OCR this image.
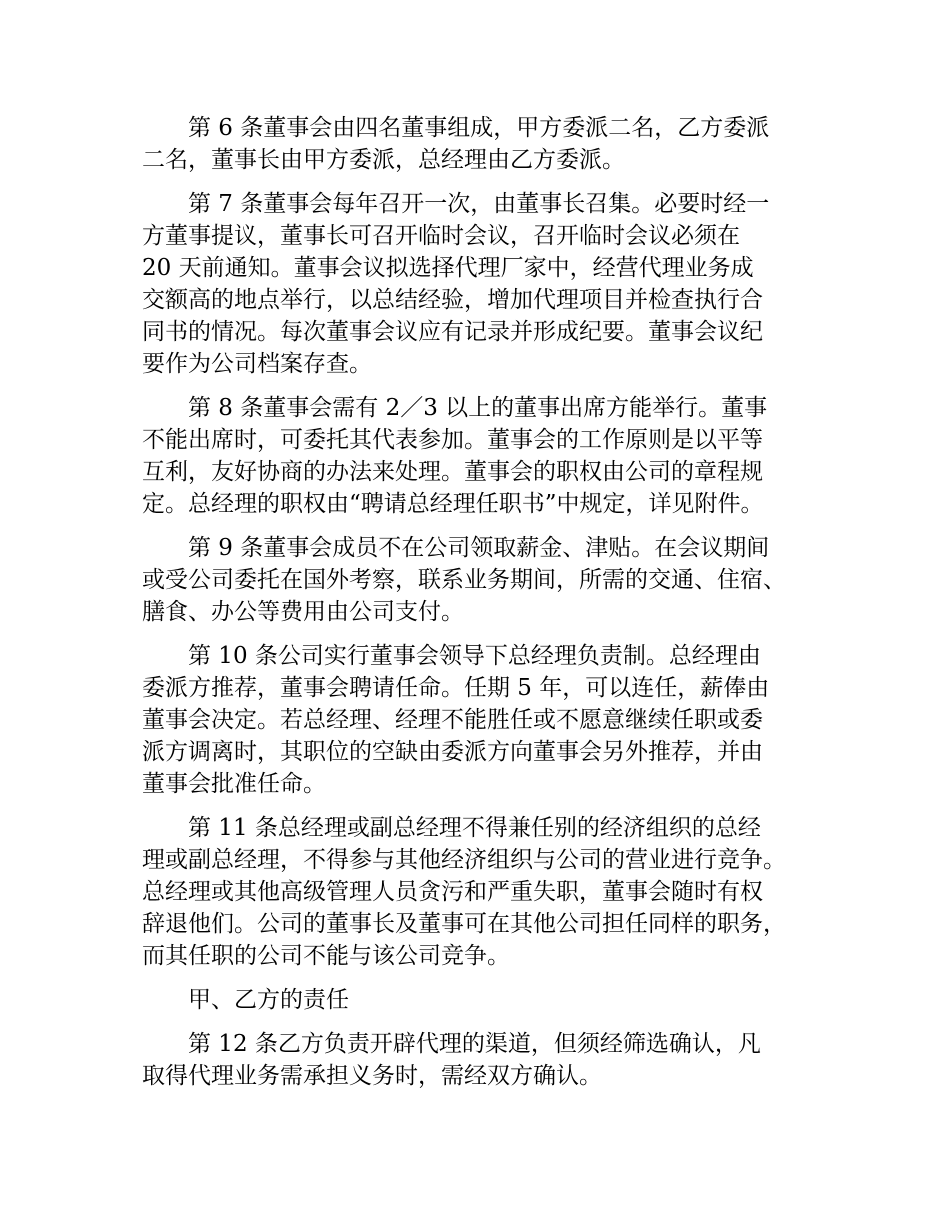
第 6 条董事会由四名董事组成，甲方委派二名，乙方委派
二名，董事长由甲方委派，总经理由乙方委派。
第 7 条董事会每年召开一次，由董事长召集。必要时经一
方董事提议，董事长可召开临时会议，召开临时会议必须在
20 天前通知。董事会议拟选择代理厂家中，经营代理业务成
交额高的地点举行，以总结经验，增加代理项目并检查执行合
同书的情况。每次董事会议应有记录并形成纪要。董事会议纪
要作为公司档案存查。
第 8 条董事会需有 2／3 以上的董事出席方能举行。董事
不能出席时，可委托其代表参加。董事会的工作原则是以平等
互利，友好协商的办法来处理。董事会的职权由公司的章程规
定。总经理的职权由“聘请总经理任职书”中规定，详见附件。
第 9 条董事会成员不在公司领取薪金、津贴。在会议期间
或受公司委托在国外考察，联系业务期间，所需的交通、住宿、
膳食、办公等费用由公司支付。
第 10 条公司实行董事会领导下总经理负责制。总经理由
委派方推荐，董事会聘请任命。任期 5 年，可以连任，薪俸由
董事会决定。若总经理、经理不能胜任或不愿意继续任职或委
派方调离时，其职位的空缺由委派方向董事会另外推荐，并由
董事会批准任命。
第 11 条总经理或副总经理不得兼任别的经济组织的总经
理或副总经理，不得参与其他经济组织与公司的营业进行竞争。
总经理或其他高级管理人员贪污和严重失职，董事会随时有权
辞退他们。公司的董事长及董事可在其他公司担任同样的职务，
而其任职的公司不能与该公司竞争。
甲、乙方的责任
第 12 条乙方负责开辟代理的渠道，但须经筛选确认，凡
取得代理业务需承担义务时，需经双方确认。
